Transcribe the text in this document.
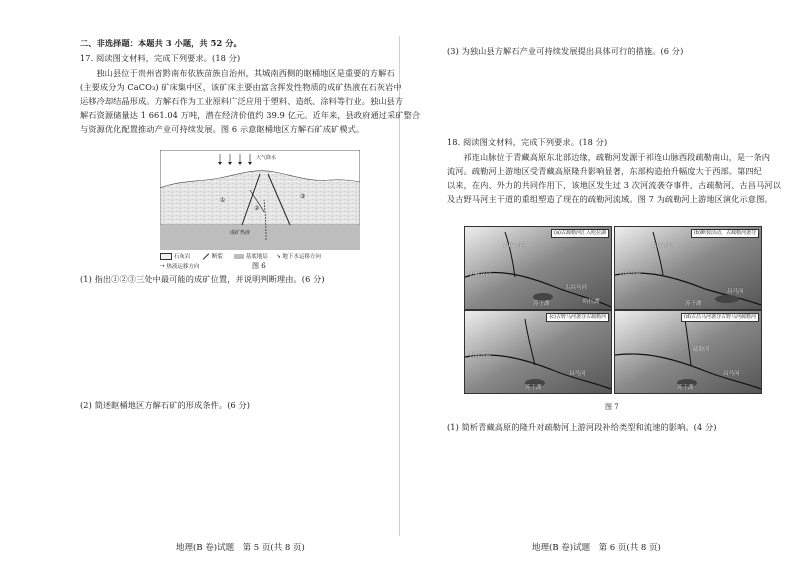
二、非选择题：本题共 3 小题，共 52 分。
17. 阅读图文材料，完成下列要求。(18 分)
独山县位于贵州省黔南布依族苗族自治州，其城南西侧的眍桶地区是重要的方解石
(主要成分为 CaCO₃) 矿床集中区，该矿床主要由富含挥发性物质的成矿热液在石灰岩中
运移冷却结晶形成。方解石作为工业原料广泛应用于塑料、造纸、涂料等行业。独山县方
解石资源储量达 1 661.04 万吨，潜在经济价值约 39.9 亿元。近年来，县政府通过采矿整合
与资源优化配置推动产业可持续发展。图 6 示意眍桶地区方解石矿成矿模式。
大气降水
成矿热液
①
②
③
石灰岩	断裂	基底地层 ↘ 地下水运移方向
⇢ 热液运移方向	图 6
(1) 指出①②③三处中最可能的成矿位置，并说明判断理由。(6 分)
(2) 简述眍桶地区方解石矿的形成条件。(6 分)
地理(B 卷)试题　第 5 页(共 8 页)
(3) 为独山县方解石产业可持续发展提出具体可行的措施。(6 分)
18. 阅读图文材料，完成下列要求。(18 分)
祁连山脉位于青藏高原东北部边缘，疏勒河发源于祁连山脉西段疏勒南山，是一条内
流河。疏勒河上游地区受青藏高原隆升影响显著，东部构造抬升幅度大于西部。第四纪
以来，在内、外力的共同作用下，该地区发生过 3 次河流袭夺事件，古疏勒河、古昌马河以
及古野马河主干道的重组塑造了现在的疏勒河流域。图 7 为疏勒河上游地区演化示意图。
(a)古疏勒河汇入哈拉湖
古野马河
古疏勒河
古昌马河
哈拉湖
苏干湖
(b)断裂活动，古疏勒河袭夺
古野马河
古疏勒河
昌马河
苏干湖
(c)古野马河袭夺古疏勒河
古野马河
昌马河
苏干湖
(d)古昌马河袭夺古野马河疏勒河
疏勒河
昌马河
苏干湖
图 7
(1) 简析青藏高原的隆升对疏勒河上游河段补给类型和流速的影响。(4 分)
地理(B 卷)试题　第 6 页(共 8 页)
